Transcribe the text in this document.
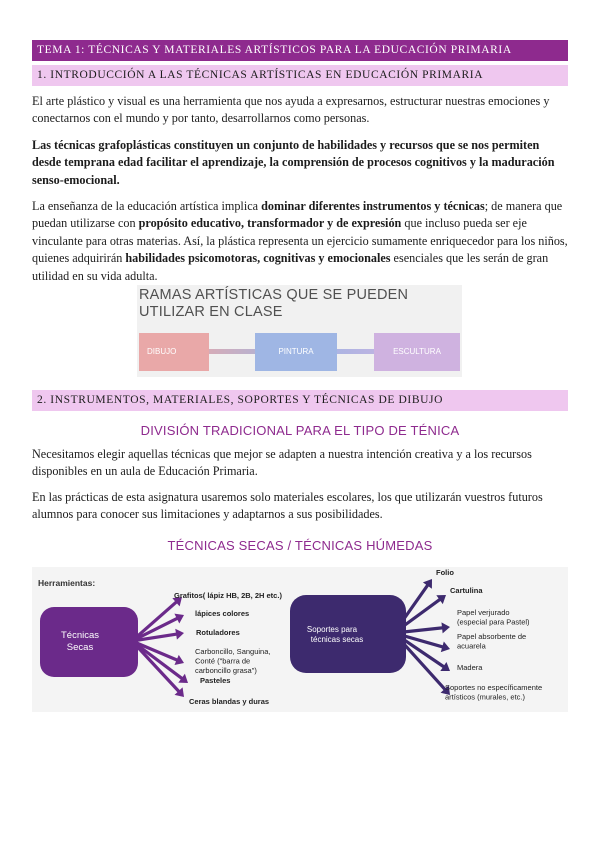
TEMA 1: TÉCNICAS Y MATERIALES ARTÍSTICOS PARA LA EDUCACIÓN PRIMARIA
1. INTRODUCCIÓN A LAS TÉCNICAS ARTÍSTICAS EN EDUCACIÓN PRIMARIA

El arte plástico y visual es una herramienta que nos ayuda a expresarnos, estructurar nuestras emociones y conectarnos con el mundo y por tanto, desarrollarnos como personas.

Las técnicas grafoplásticas constituyen un conjunto de habilidades y recursos que se nos permiten desde temprana edad facilitar el aprendizaje, la comprensión de procesos cognitivos y la maduración senso-emocional.

La enseñanza de la educación artística implica dominar diferentes instrumentos y técnicas; de manera que puedan utilizarse con propósito educativo, transformador y de expresión que incluso pueda ser eje vinculante para otras materias. Así, la plástica representa un ejercicio sumamente enriquecedor para los niños, quienes adquirirán habilidades psicomotoras, cognitivas y emocionales esenciales que les serán de gran utilidad en su vida adulta.

RAMAS ARTÍSTICAS QUE SE PUEDEN UTILIZAR EN CLASE
DIBUJO	PINTURA	ESCULTURA
2. INSTRUMENTOS, MATERIALES, SOPORTES Y TÉCNICAS DE DIBUJO
DIVISIÓN TRADICIONAL PARA EL TIPO DE TÉNICA

Necesitamos elegir aquellas técnicas que mejor se adapten a nuestra intención creativa y a los recursos disponibles en un aula de Educación Primaria.

En las prácticas de esta asignatura usaremos solo materiales escolares, los que utilizarán vuestros futuros alumnos para conocer sus limitaciones y adaptarnos a sus posibilidades.

TÉCNICAS SECAS / TÉCNICAS HÚMEDAS
Herramientas:
Técnicas
Secas
Soportes para
técnicas secas
Grafitos( lápiz HB, 2B, 2H etc.)
lápices colores
Rotuladores
Carboncillo, Sanguina,
Conté ("barra de
carboncillo grasa")
Pasteles
Ceras blandas y duras
Folio
Cartulina
Papel verjurado
(especial para Pastel)
Papel absorbente de
acuarela
Madera
Soportes no específicamente
artísticos (murales, etc.)
